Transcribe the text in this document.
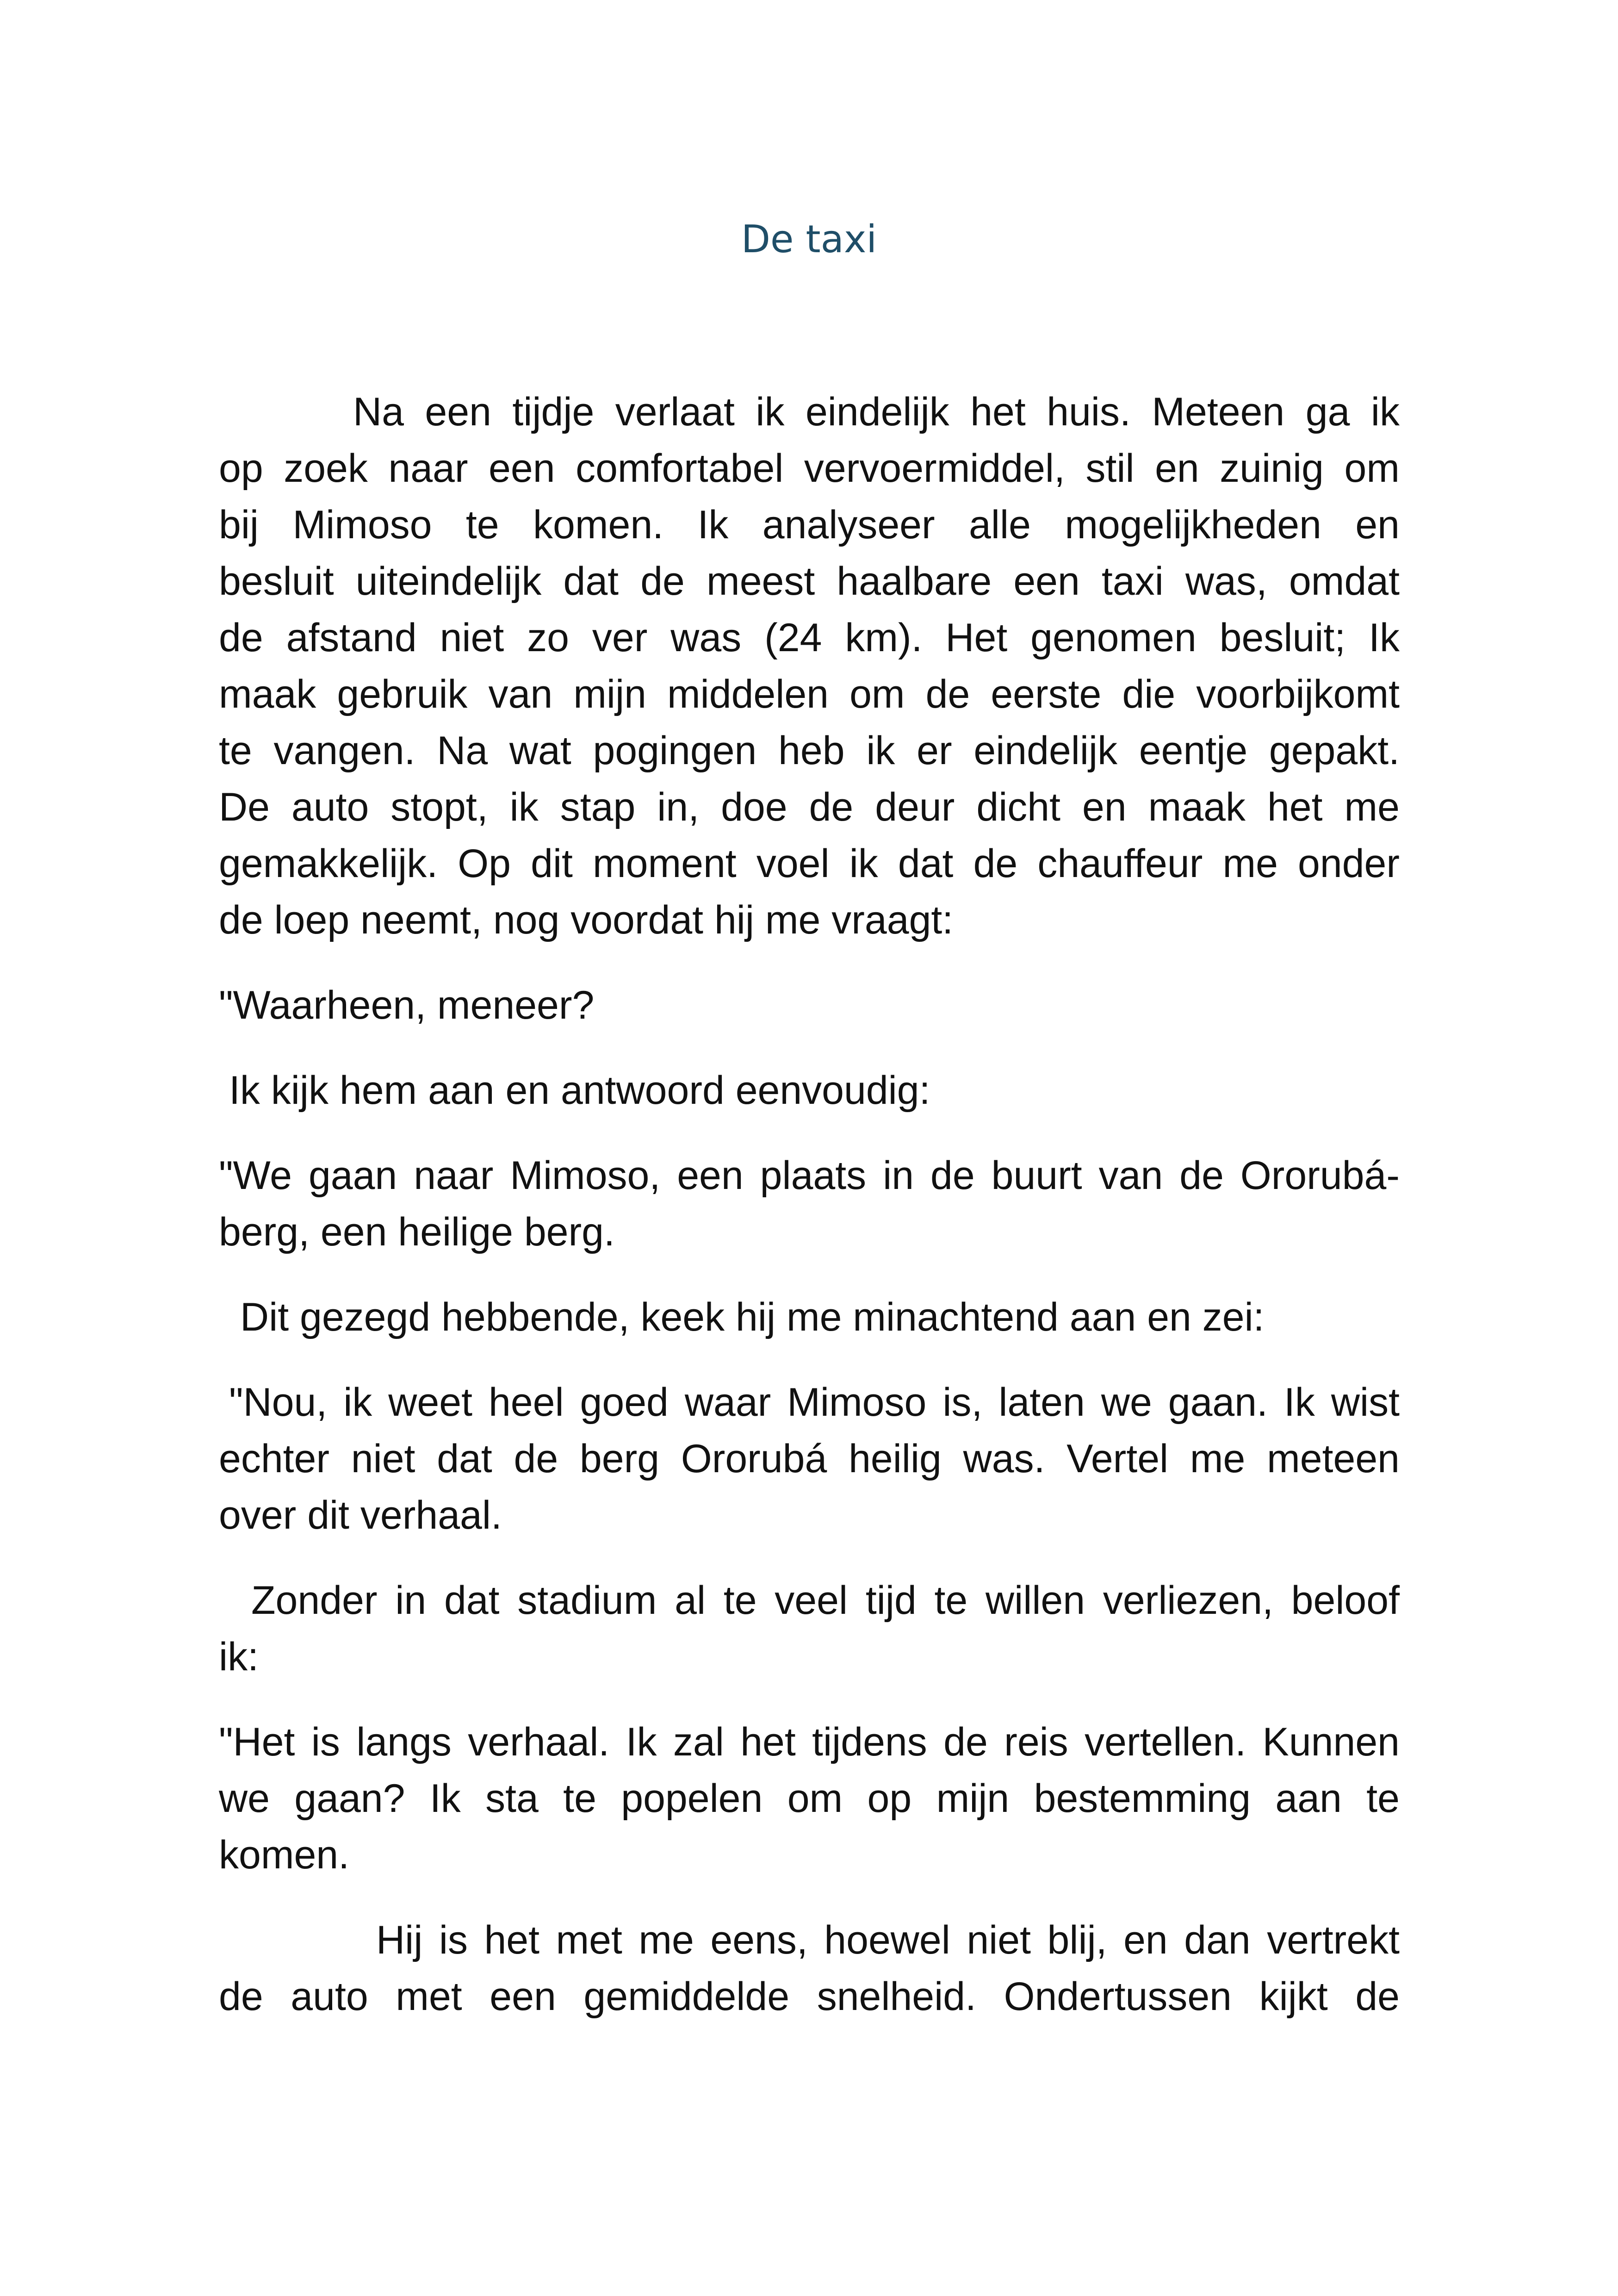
De taxi
Na een tijdje verlaat ik eindelijk het huis. Meteen ga ik
op zoek naar een comfortabel vervoermiddel, stil en zuinig om
bij Mimoso te komen. Ik analyseer alle mogelijkheden en
besluit uiteindelijk dat de meest haalbare een taxi was, omdat
de afstand niet zo ver was (24 km). Het genomen besluit; Ik
maak gebruik van mijn middelen om de eerste die voorbijkomt
te vangen. Na wat pogingen heb ik er eindelijk eentje gepakt.
De auto stopt, ik stap in, doe de deur dicht en maak het me
gemakkelijk. Op dit moment voel ik dat de chauffeur me onder
de loep neemt, nog voordat hij me vraagt:
"Waarheen, meneer?
Ik kijk hem aan en antwoord eenvoudig:
"We gaan naar Mimoso, een plaats in de buurt van de Ororubá-
berg, een heilige berg.
Dit gezegd hebbende, keek hij me minachtend aan en zei:
"Nou, ik weet heel goed waar Mimoso is, laten we gaan. Ik wist
echter niet dat de berg Ororubá heilig was. Vertel me meteen
over dit verhaal.
Zonder in dat stadium al te veel tijd te willen verliezen, beloof
ik:
"Het is langs verhaal. Ik zal het tijdens de reis vertellen. Kunnen
we gaan? Ik sta te popelen om op mijn bestemming aan te
komen.
Hij is het met me eens, hoewel niet blij, en dan vertrekt
de auto met een gemiddelde snelheid. Ondertussen kijkt de
